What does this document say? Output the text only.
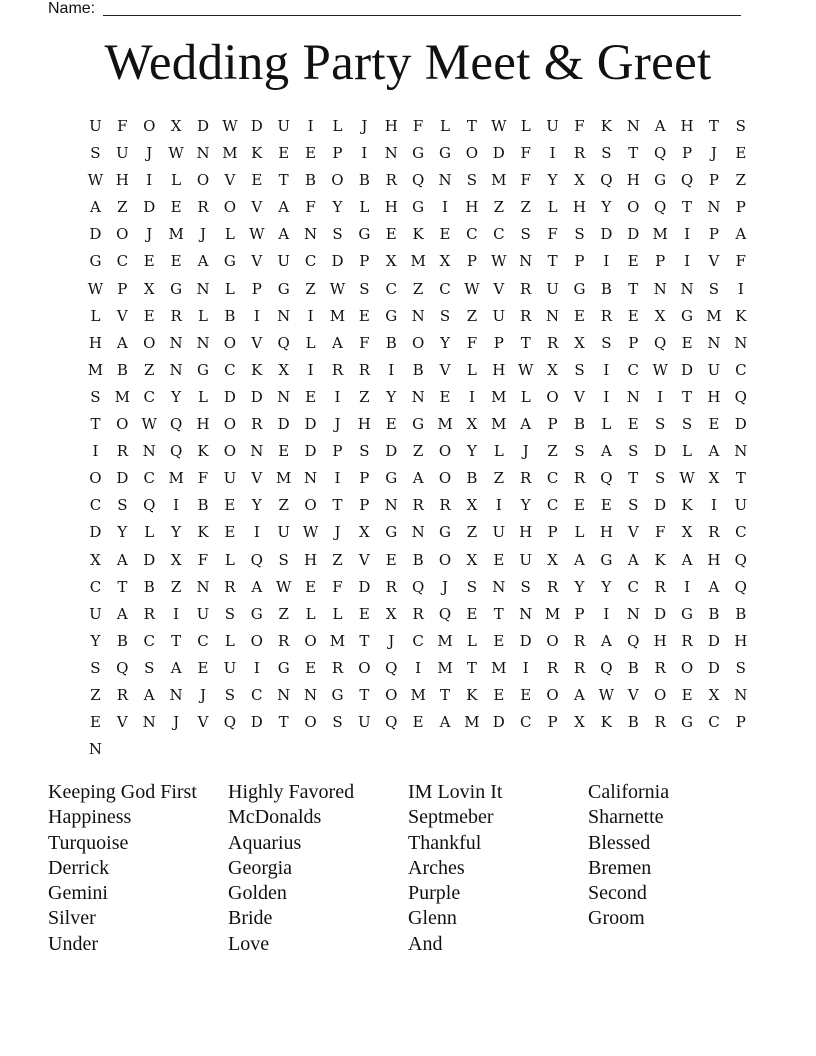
Name:
Wedding Party Meet & Greet
U	F	O	X	D W D U	I	L	J	H	F	L	T W L	U	F	K N A H	T	S
S	U	J	W N M K	E	E	P	I	N G G O D	F	I	R	S	T	Q	P	J	E
W H	I	L	O	V	E	T	B	O	B	R	Q N	S M F	Y	X	Q H G Q	P	Z
A	Z	D	E	R	O	V	A	F	Y	L	H G	I	H	Z	Z	L	H	Y	O Q	T	N	P
D O	J	M	J	L W A N	S	G	E	K	E	C	C	S	F	S	D D M	I	P	A
G	C	E	E	A	G	V	U C	D	P	X M X	P W N	T	P	I	E	P	I	V	F
W P	X	G N	L	P	G	Z W S	C	Z	C W V	R U G	B	T	N N	S	I
L	V	E	R	L	B	I	N	I	M E	G N	S	Z	U R N E	R	E	X	G M K
H A	O N N O	V	Q	L	A	F	B	O	Y	F	P	T	R	X	S	P	Q	E N N
M B	Z	N G	C	K	X	I	R	R	I	B	V	L	H W X	S	I	C W D U C
S M C	Y	L	D D N E	I	Z	Y	N E	I	M L	O	V	I	N	I	T	H Q
T	O W Q H O	R	D D	J	H E	G M X M A	P	B	L	E	S	S	E	D
I	R N Q	K	O N E	D	P	S	D	Z	O	Y	L	J	Z	S	A	S	D	L	A N
O D	C M F	U	V M N	I	P	G	A	O	B	Z	R	C	R	Q	T	S W X	T
C	S	Q	I	B	E	Y	Z	O	T	P	N R	R	X	I	Y	C	E	E	S	D	K	I	U
D	Y	L	Y	K	E	I	U W	J	X	G N G	Z	U H	P	L	H V	F	X	R	C
X	A	D	X	F	L	Q	S	H	Z	V	E	B	O	X	E	U	X	A	G	A	K	A H Q
C	T	B	Z	N R	A W E	F	D	R	Q	J	S	N	S	R	Y	Y	C	R	I	A	Q
U	A	R	I	U	S	G	Z	L	L	E	X	R	Q	E	T	N M P	I	N D G	B	B
Y	B	C	T	C	L	O	R	O M T	J	C M L	E	D O	R	A	Q H R	D H
S	Q	S	A	E	U	I	G	E	R	O Q	I	M T M	I	R	R	Q	B	R	O D	S
Z	R	A N	J	S	C N N G	T	O M T	K	E	E	O	A W V	O	E	X N
E	V N	J	V	Q D	T	O	S	U Q	E	A M D	C	P	X	K	B	R	G	C	P
N
Keeping God First
Happiness
Turquoise
Derrick
Gemini
Silver
Under
Highly Favored
McDonalds
Aquarius
Georgia
Golden
Bride
Love
IM Lovin It
Septmeber
Thankful
Arches
Purple
Glenn
And
California
Sharnette
Blessed
Bremen
Second
Groom
